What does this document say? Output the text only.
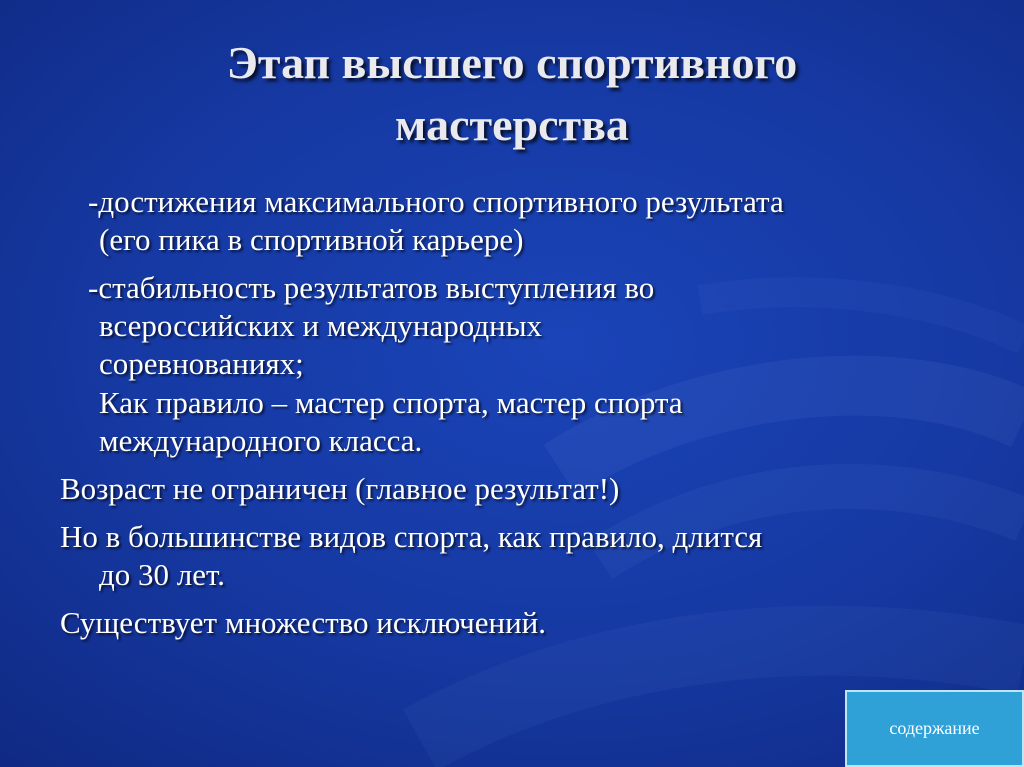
Этап высшего спортивного
мастерства
-достижения максимального спортивного результата
(его пика в спортивной карьере)
-стабильность результатов выступления во
всероссийских и международных
соревнованиях;
Как правило – мастер спорта, мастер спорта
международного класса.
Возраст не ограничен (главное результат!)
Но в большинстве видов спорта, как правило, длится
до 30 лет.
Существует множество исключений.
содержание
